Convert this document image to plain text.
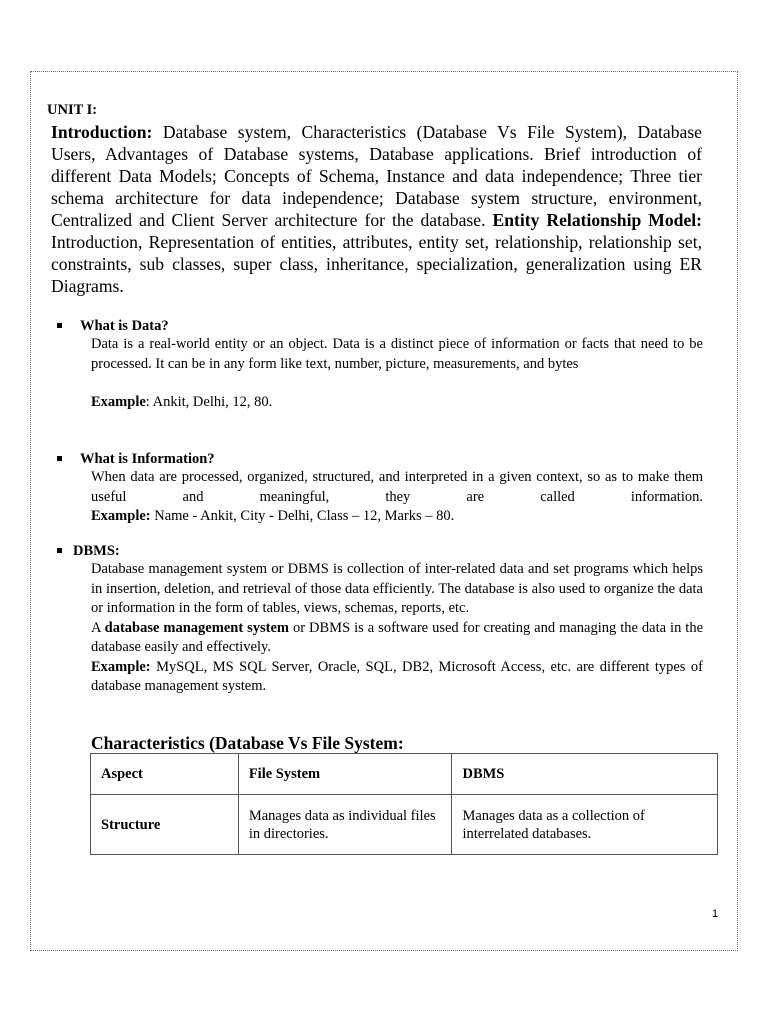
UNIT I:

Introduction: Database system, Characteristics (Database Vs File System), Database Users, Advantages of Database systems, Database applications. Brief introduction of different Data Models; Concepts of Schema, Instance and data independence; Three tier schema architecture for data independence; Database system structure, environment, Centralized and Client Server architecture for the database. Entity Relationship Model: Introduction, Representation of entities, attributes, entity set, relationship, relationship set, constraints, sub classes, super class, inheritance, specialization, generalization using ER Diagrams.

What is Data?

Data is a real-world entity or an object. Data is a distinct piece of information or facts that need to be processed. It can be in any form like text, number, picture, measurements, and bytes

Example: Ankit, Delhi, 12, 80.

What is Information?

When data are processed, organized, structured, and interpreted in a given context, so as to make them useful and meaningful, they are called information.

Example: Name - Ankit, City - Delhi, Class – 12, Marks – 80.

DBMS:

Database management system or DBMS is collection of inter-related data and set programs which helps in insertion, deletion, and retrieval of those data efficiently. The database is also used to organize the data or information in the form of tables, views, schemas, reports, etc.

A database management system or DBMS is a software used for creating and managing the data in the database easily and effectively.

Example: MySQL, MS SQL Server, Oracle, SQL, DB2, Microsoft Access, etc. are different types of database management system.

Characteristics (Database Vs File System:
Aspect	File System	DBMS
Structure	Manages data as individual files in directories.	Manages data as a collection of interrelated databases.
1
